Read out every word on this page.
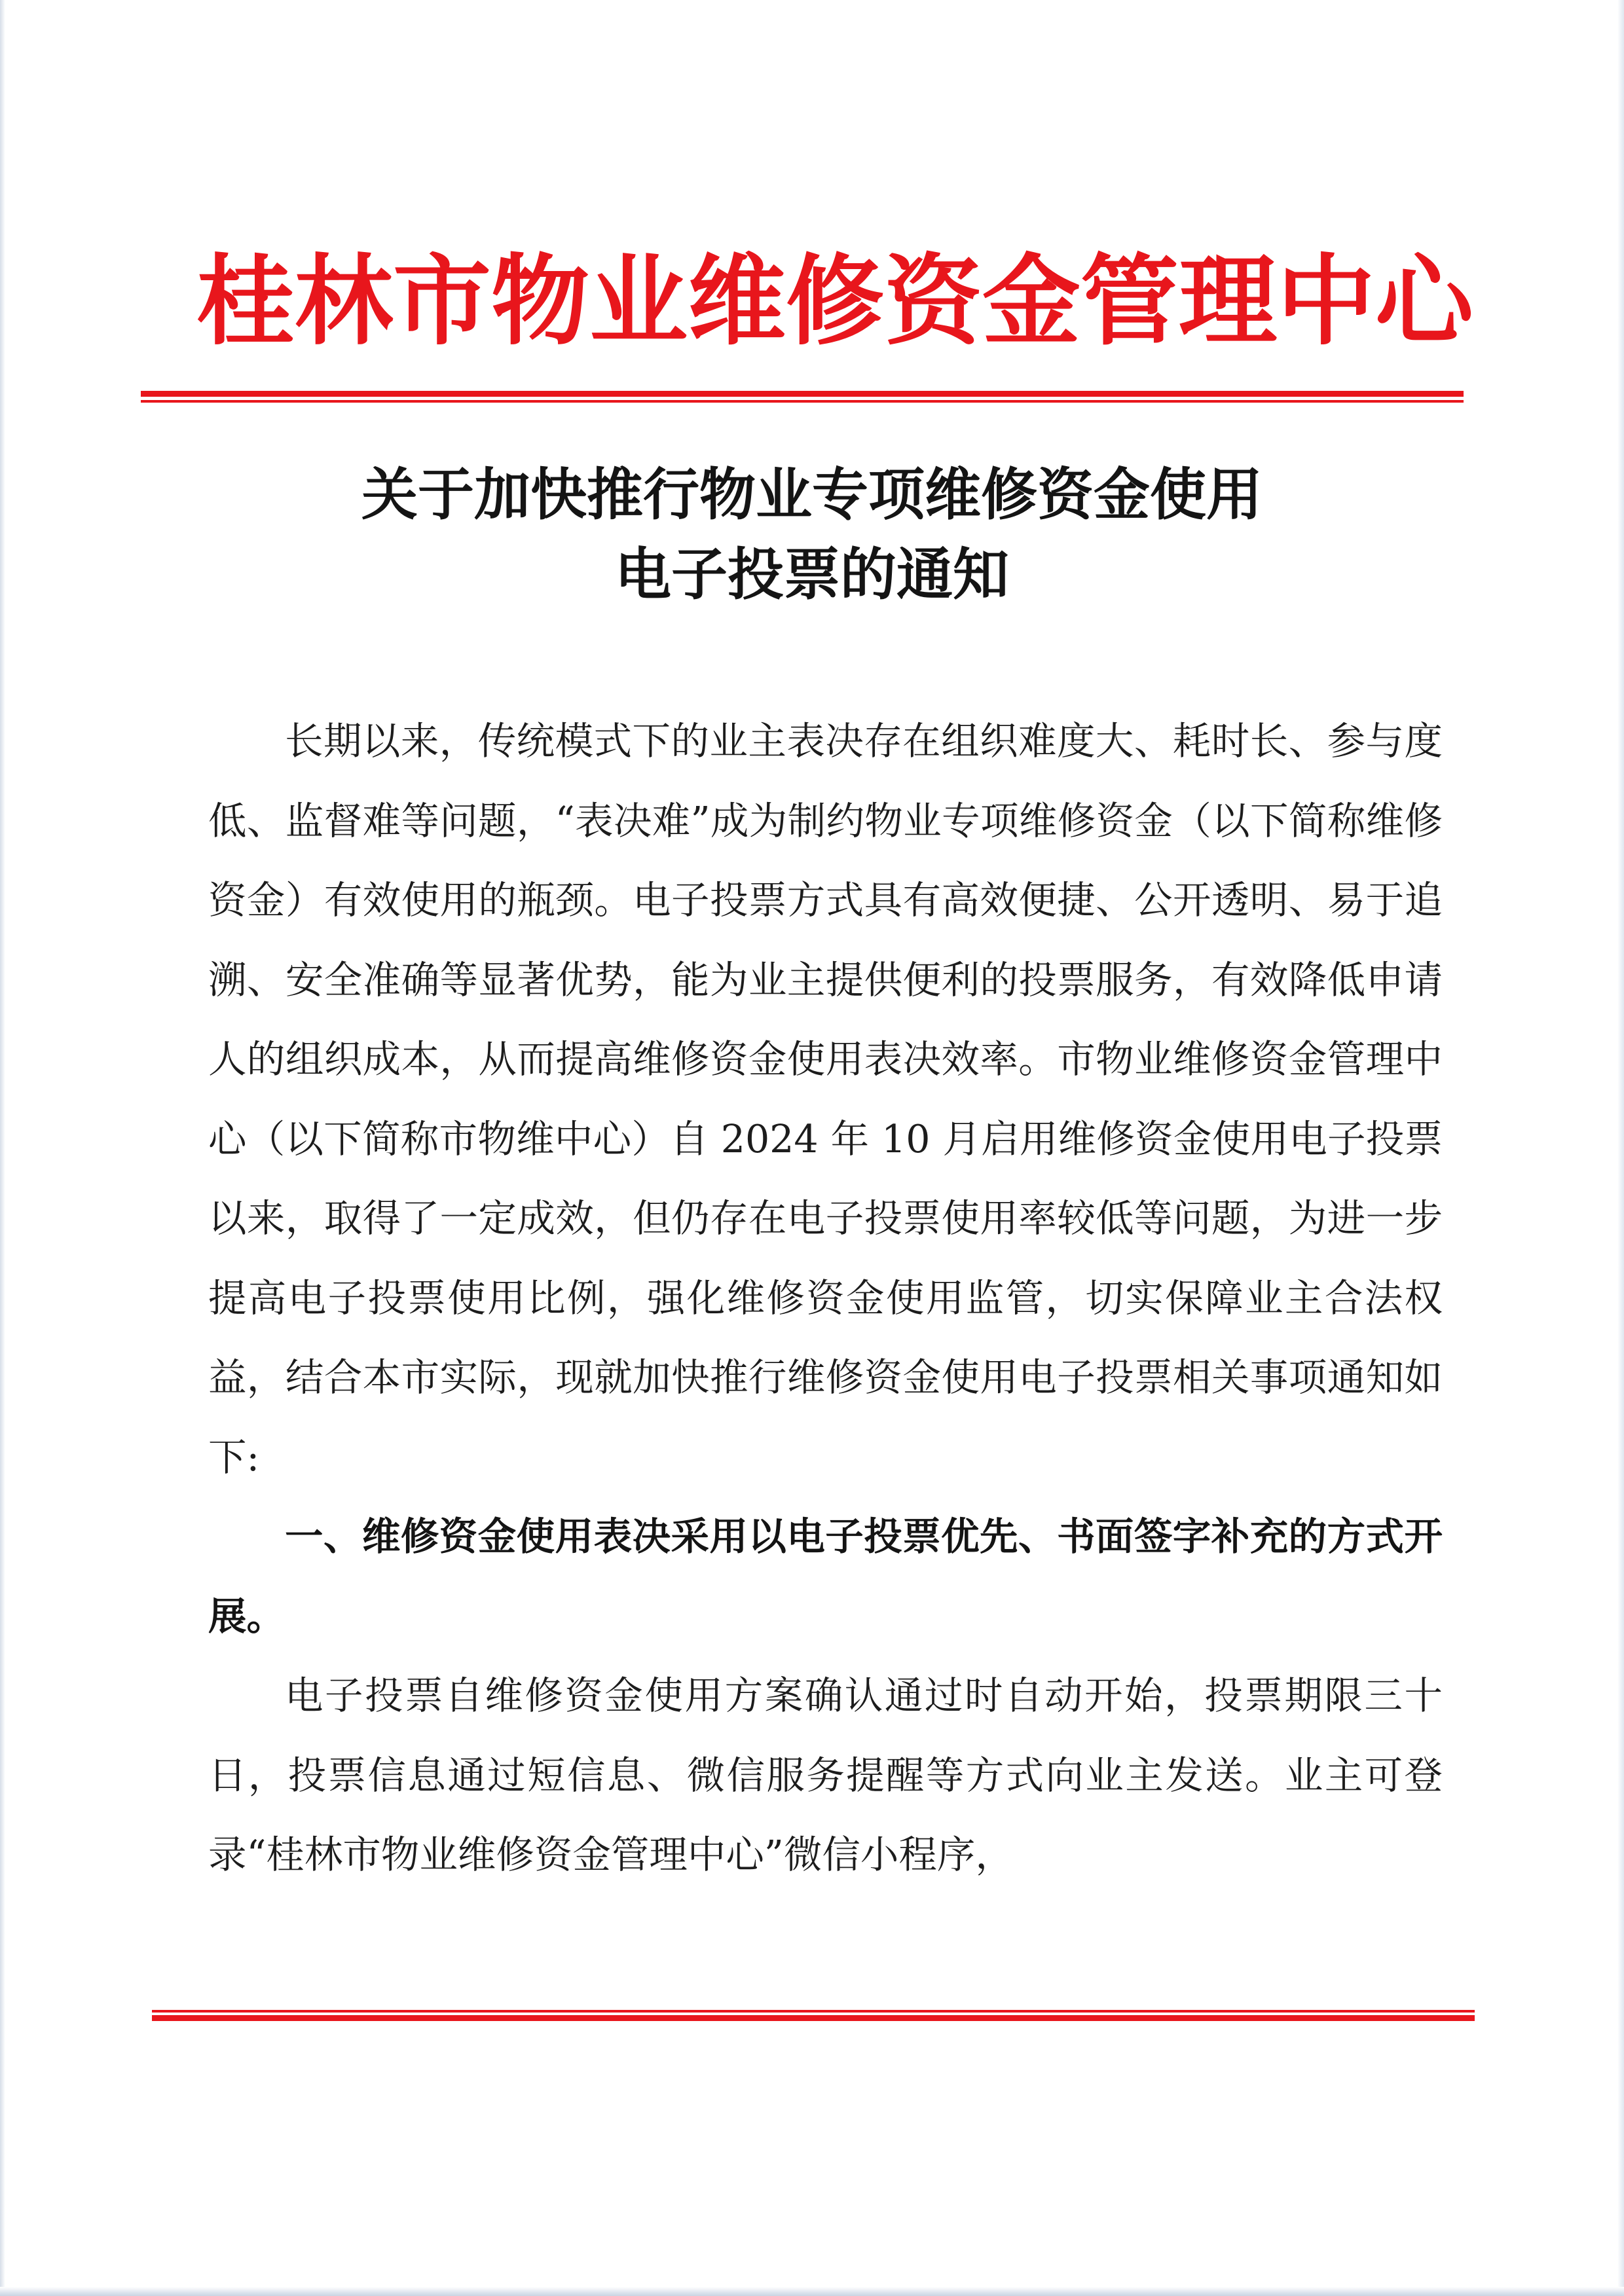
桂林市物业维修资金管理中心
关于加快推行物业专项维修资金使用
电子投票的通知

长期以来，传统模式下的业主表决存在组织难度大、耗时长、参与度低、监督难等问题，“表决难”成为制约物业专项维修资金（以下简称维修资金）有效使用的瓶颈。电子投票方式具有高效便捷、公开透明、易于追溯、安全准确等显著优势，能为业主提供便利的投票服务，有效降低申请人的组织成本，从而提高维修资金使用表决效率。市物业维修资金管理中心（以下简称市物维中心）自 2024 年 10 月启用维修资金使用电子投票以来，取得了一定成效，但仍存在电子投票使用率较低等问题，为进一步提高电子投票使用比例，强化维修资金使用监管，切实保障业主合法权益，结合本市实际，现就加快推行维修资金使用电子投票相关事项通知如下:

一、维修资金使用表决采用以电子投票优先、书面签字补充的方式开展。

电子投票自维修资金使用方案确认通过时自动开始，投票期限三十日，投票信息通过短信息、微信服务提醒等方式向业主发送。业主可登录“桂林市物业维修资金管理中心”微信小程序，
